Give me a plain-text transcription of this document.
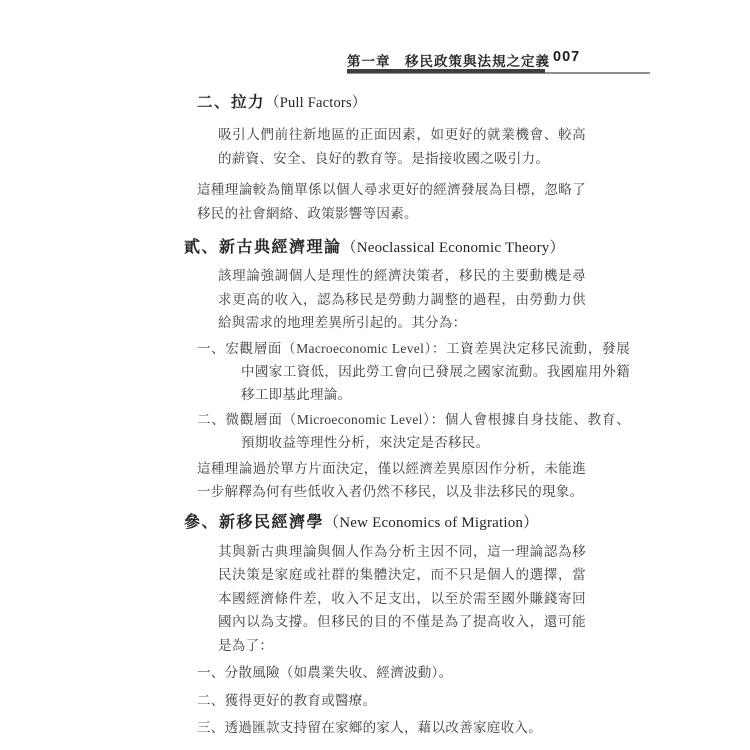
第一章　移民政策與法規之定義 007
二、拉力（Pull Factors）

吸引人們前往新地區的正面因素，如更好的就業機會、較高的薪資、安全、良好的教育等。是指接收國之吸引力。

這種理論較為簡單係以個人尋求更好的經濟發展為目標，忽略了移民的社會網絡、政策影響等因素。

貳、新古典經濟理論（Neoclassical Economic Theory）

該理論強調個人是理性的經濟決策者，移民的主要動機是尋求更高的收入，認為移民是勞動力調整的過程，由勞動力供給與需求的地理差異所引起的。其分為：

一、宏觀層面（Macroeconomic Level）：工資差異決定移民流動，發展中國家工資低，因此勞工會向已發展之國家流動。我國雇用外籍移工即基此理論。

二、微觀層面（Microeconomic Level）：個人會根據自身技能、教育、預期收益等理性分析，來決定是否移民。

這種理論過於單方片面決定，僅以經濟差異原因作分析，未能進一步解釋為何有些低收入者仍然不移民，以及非法移民的現象。

參、新移民經濟學（New Economics of Migration）

其與新古典理論與個人作為分析主因不同，這一理論認為移民決策是家庭或社群的集體決定，而不只是個人的選擇，當本國經濟條件差，收入不足支出，以至於需至國外賺錢寄回國內以為支撐。但移民的目的不僅是為了提高收入，還可能是為了：

一、分散風險（如農業失收、經濟波動）。

二、獲得更好的教育或醫療。

三、透過匯款支持留在家鄉的家人，藉以改善家庭收入。
